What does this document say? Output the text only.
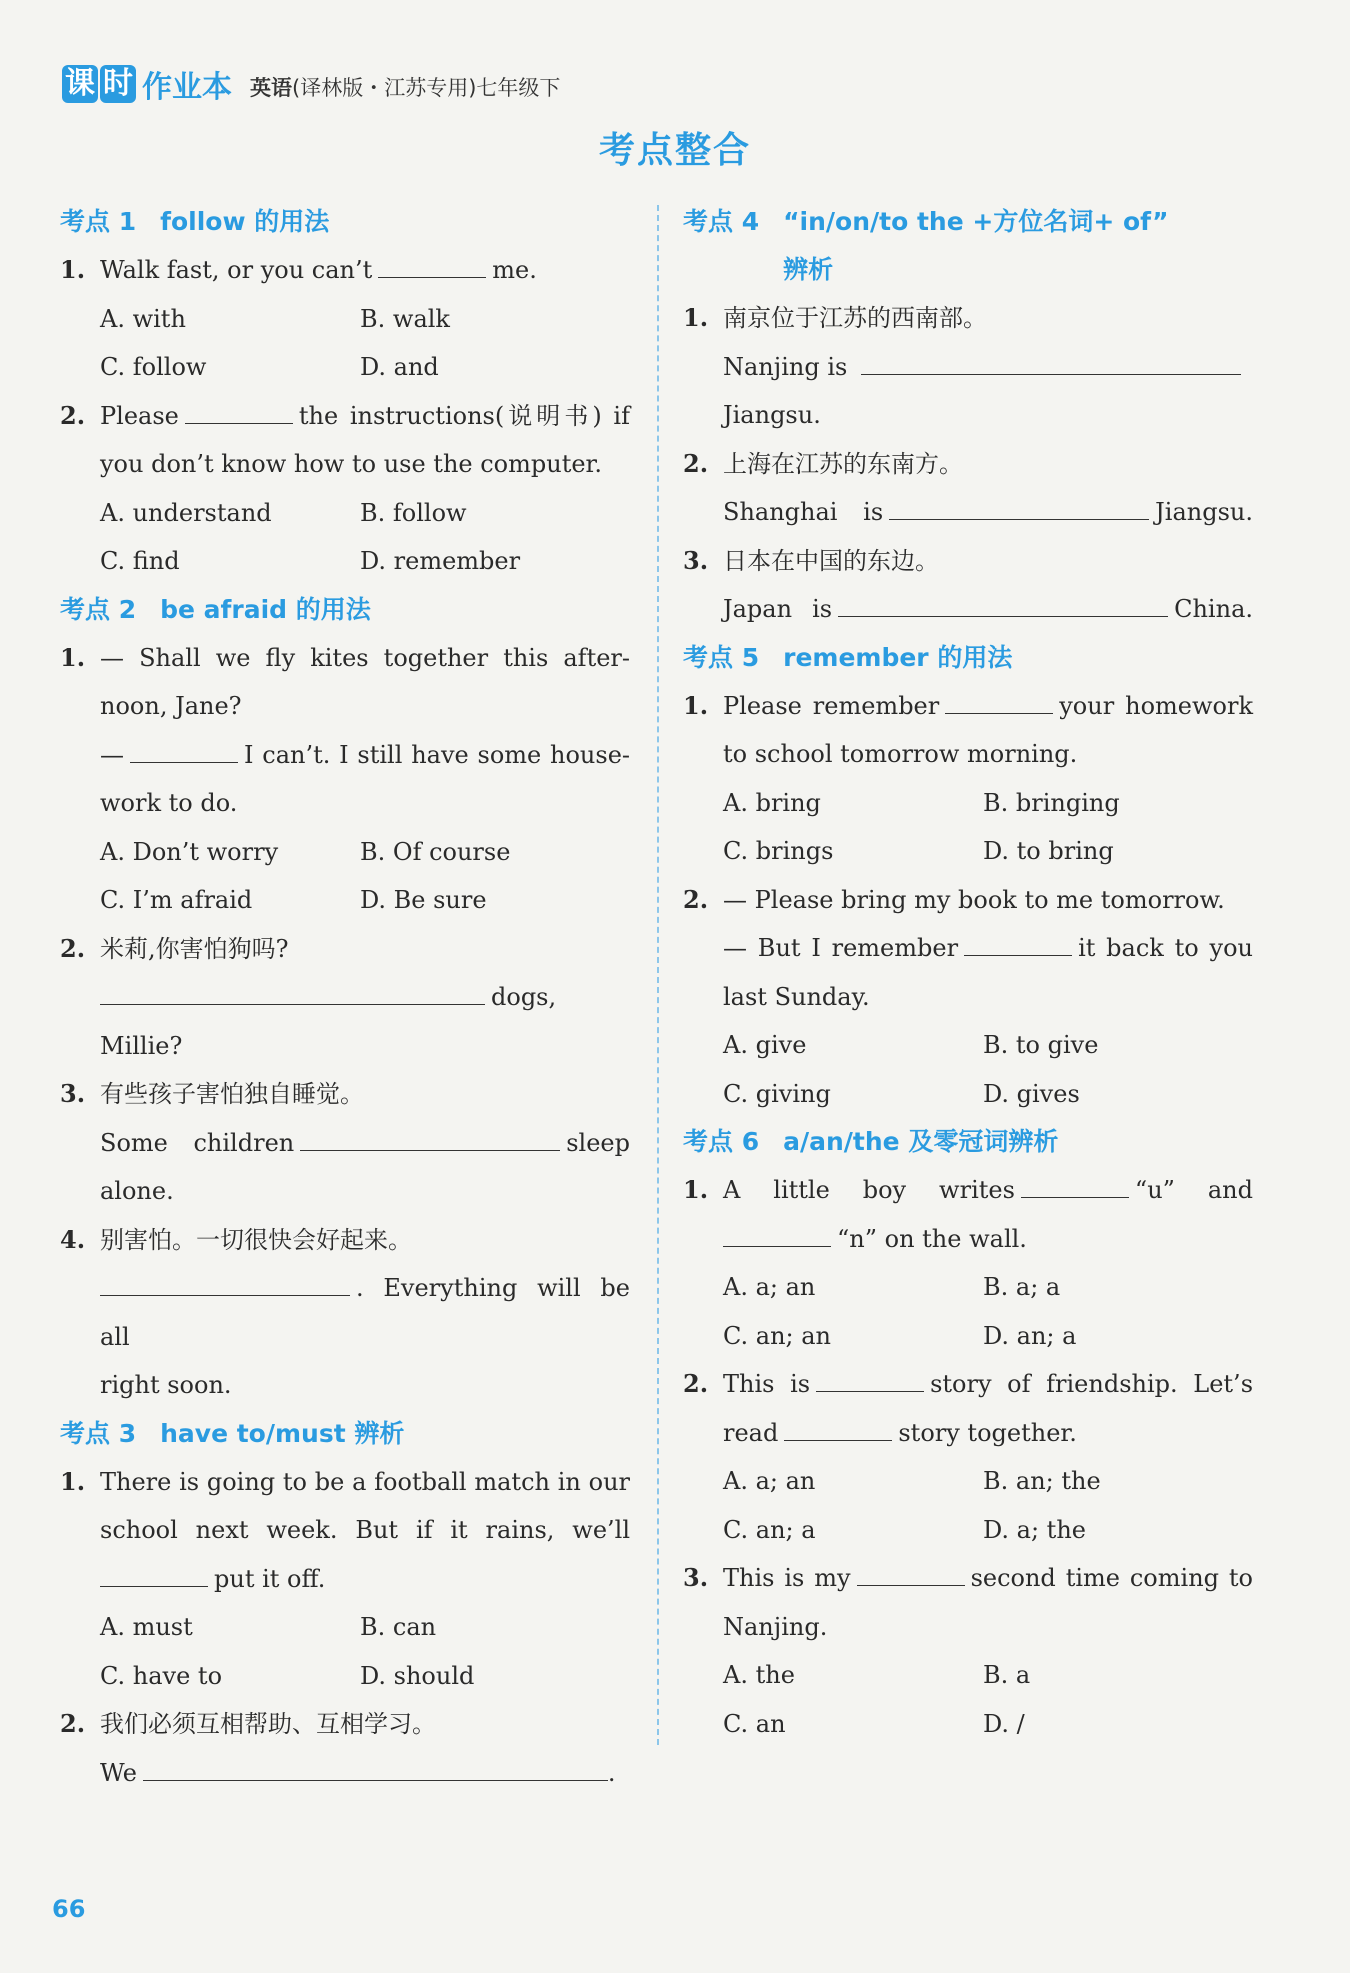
课 时 作业本 英语(译林版・江苏专用)七年级下
考点整合
考点 1 follow 的用法
1. Walk fast, or you can’t	me.
A. with	B. walk
C. follow	D. and
2. Please	the instructions(说明书) if
you don’t know how to use the computer.
A. understand	B. follow
C. find	D. remember
考点 2 be afraid 的用法
1. — Shall we fly kites together this after-
noon, Jane?
—	I can’t. I still have some house-
work to do.
A. Don’t worry	B. Of course
C. I’m afraid	D. Be sure
2. 米莉,你害怕狗吗?
dogs,
Millie?
3. 有些孩子害怕独自睡觉。
Some children	sleep
alone.
4. 别害怕。一切很快会好起来。
. Everything will be all
right soon.
考点 3 have to/must 辨析
1. There is going to be a football match in our
school next week. But if it rains, we’ll
put it off.
A. must	B. can
C. have to	D. should
2. 我们必须互相帮助、互相学习。
We	.
考点 4 “in/on/to the +方位名词+ of”
辨析
1. 南京位于江苏的西南部。
Nanjing is
Jiangsu.
2. 上海在江苏的东南方。
Shanghai is	Jiangsu.
3. 日本在中国的东边。
Japan is	China.
考点 5 remember 的用法
1. Please remember	your homework
to school tomorrow morning.
A. bring	B. bringing
C. brings	D. to bring
2. — Please bring my book to me tomorrow.
— But I remember	it back to you
last Sunday.
A. give	B. to give
C. giving	D. gives
考点 6 a/an/the 及零冠词辨析
1. A little boy writes	“u” and
“n” on the wall.
A. a; an	B. a; a
C. an; an	D. an; a
2. This is	story of friendship. Let’s
read	story together.
A. a; an	B. an; the
C. an; a	D. a; the
3. This is my	second time coming to
Nanjing.
A. the	B. a
C. an	D. /
66
